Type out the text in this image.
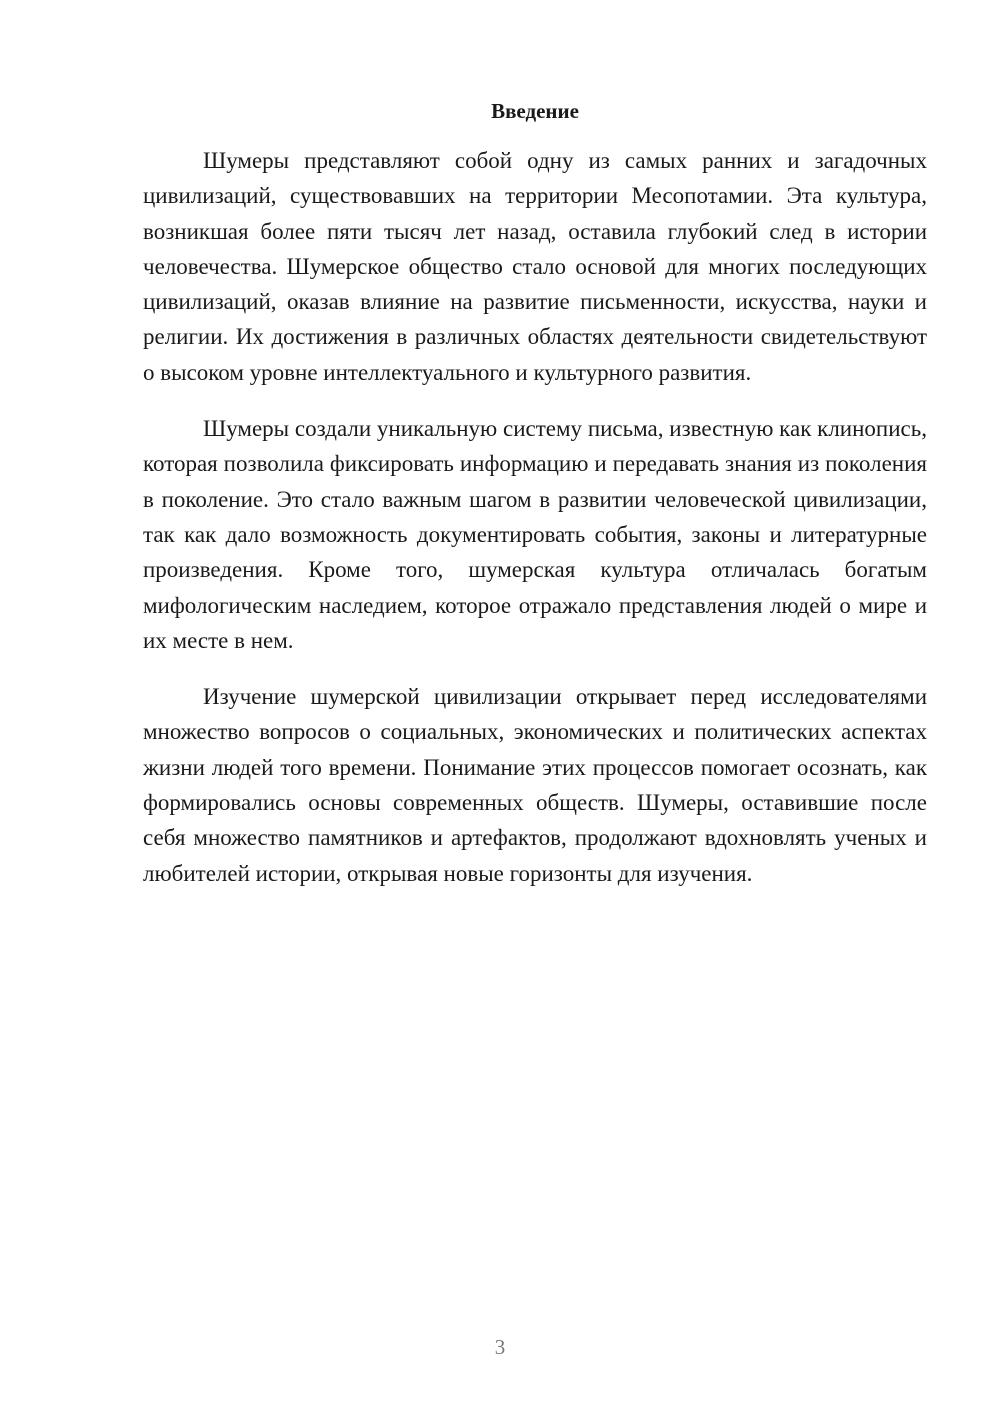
Введение

Шумеры представляют собой одну из самых ранних и загадочных цивилизаций, существовавших на территории Месопотамии. Эта культура, возникшая более пяти тысяч лет назад, оставила глубокий след в истории человечества. Шумерское общество стало основой для многих последующих цивилизаций, оказав влияние на развитие письменности, искусства, науки и религии. Их достижения в различных областях деятельности свидетельствуют о высоком уровне интеллектуального и культурного развития.

Шумеры создали уникальную систему письма, известную как клинопись, которая позволила фиксировать информацию и передавать знания из поколения в поколение. Это стало важным шагом в развитии человеческой цивилизации, так как дало возможность документировать события, законы и литературные произведения. Кроме того, шумерская культура отличалась богатым мифологическим наследием, которое отражало представления людей о мире и их месте в нем.

Изучение шумерской цивилизации открывает перед исследователями множество вопросов о социальных, экономических и политических аспектах жизни людей того времени. Понимание этих процессов помогает осознать, как формировались основы современных обществ. Шумеры, оставившие после себя множество памятников и артефактов, продолжают вдохновлять ученых и любителей истории, открывая новые горизонты для изучения.

3
